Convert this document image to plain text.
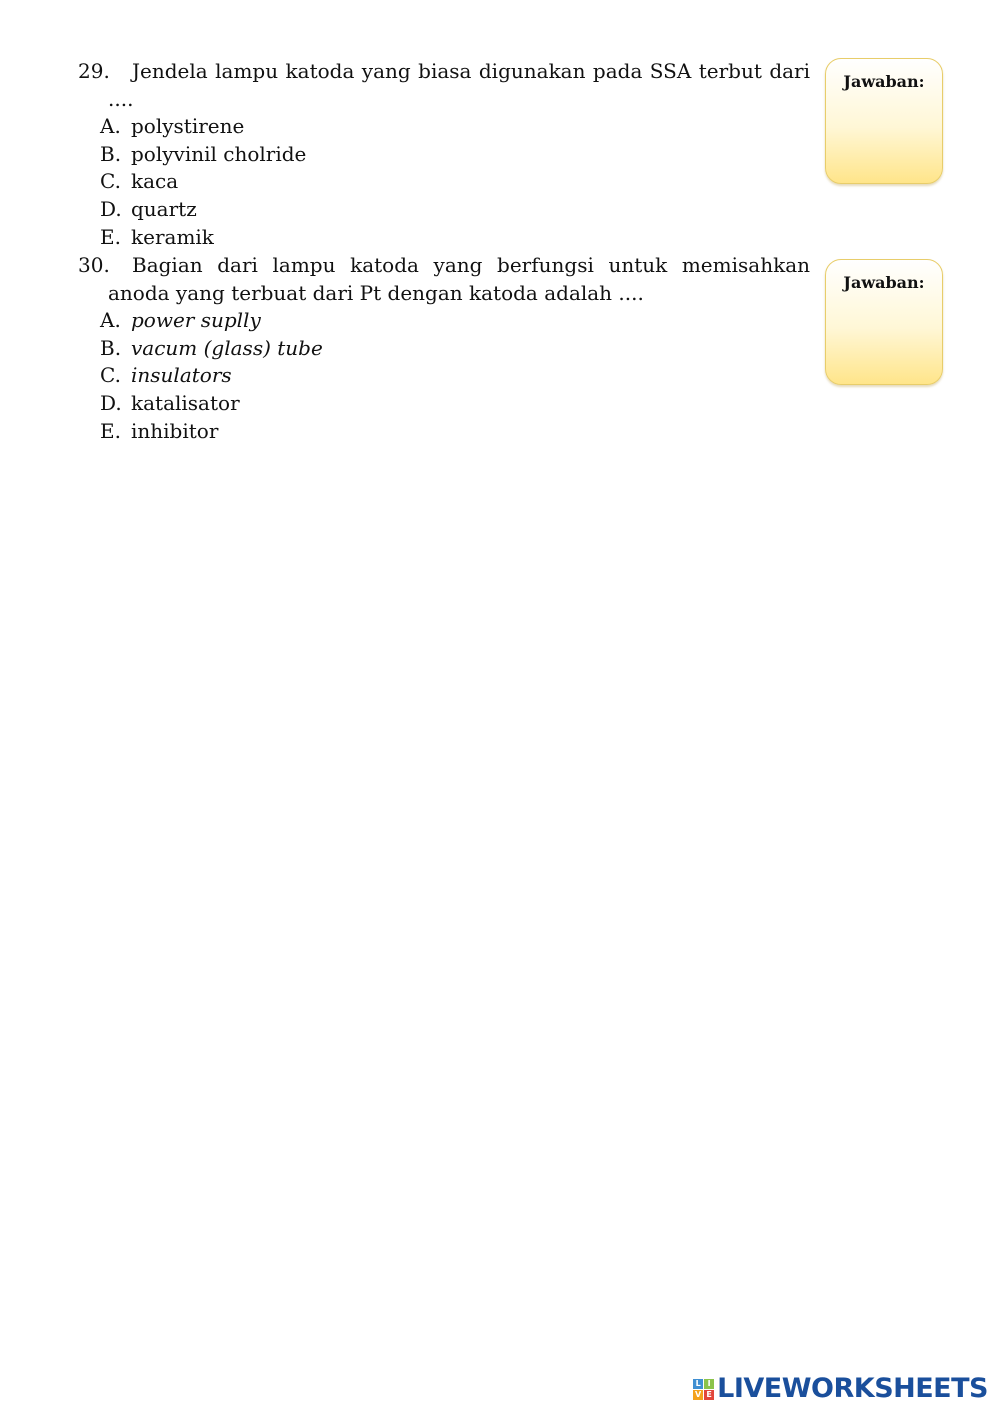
29. Jendela lampu katoda yang biasa digunakan pada SSA terbut dari ....

A. polystirene
B. polyvinil cholride
C. kaca
D. quartz
E. keramik
Jawaban:

30. Bagian dari lampu katoda yang berfungsi untuk memisahkan anoda yang terbuat dari Pt dengan katoda adalah ....

A. power suplly
B. vacum (glass) tube
C. insulators
D. katalisator
E. inhibitor
Jawaban:
L I
V E LIVEWORKSHEETS
